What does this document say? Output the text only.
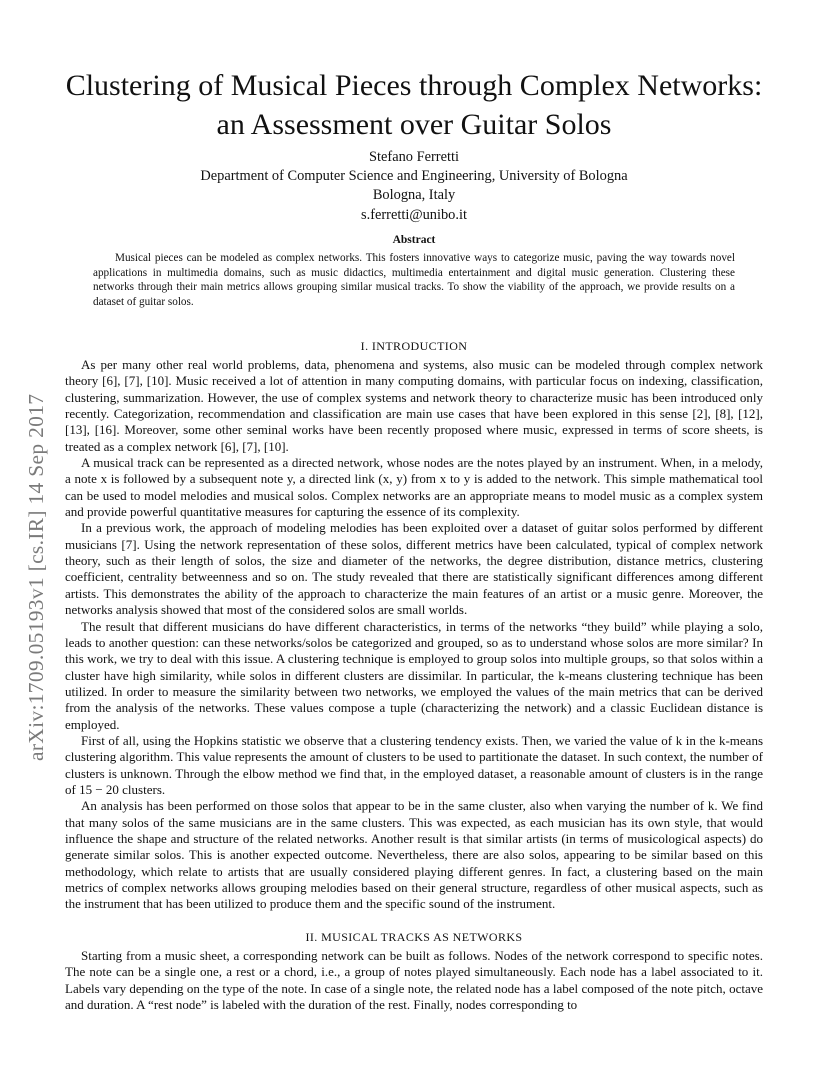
arXiv:1709.05193v1 [cs.IR] 14 Sep 2017
Clustering of Musical Pieces through Complex Networks: an Assessment over Guitar Solos
Stefano Ferretti
Department of Computer Science and Engineering, University of Bologna
Bologna, Italy
s.ferretti@unibo.it
Abstract
Musical pieces can be modeled as complex networks. This fosters innovative ways to categorize music, paving the way towards novel applications in multimedia domains, such as music didactics, multimedia entertainment and digital music generation. Clustering these networks through their main metrics allows grouping similar musical tracks. To show the viability of the approach, we provide results on a dataset of guitar solos.
I. INTRODUCTION

As per many other real world problems, data, phenomena and systems, also music can be modeled through complex network theory [6], [7], [10]. Music received a lot of attention in many computing domains, with particular focus on indexing, classification, clustering, summarization. However, the use of complex systems and network theory to characterize music has been introduced only recently. Categorization, recommendation and classification are main use cases that have been explored in this sense [2], [8], [12], [13], [16]. Moreover, some other seminal works have been recently proposed where music, expressed in terms of score sheets, is treated as a complex network [6], [7], [10].

A musical track can be represented as a directed network, whose nodes are the notes played by an instrument. When, in a melody, a note x is followed by a subsequent note y, a directed link (x, y) from x to y is added to the network. This simple mathematical tool can be used to model melodies and musical solos. Complex networks are an appropriate means to model music as a complex system and provide powerful quantitative measures for capturing the essence of its complexity.

In a previous work, the approach of modeling melodies has been exploited over a dataset of guitar solos performed by different musicians [7]. Using the network representation of these solos, different metrics have been calculated, typical of complex network theory, such as their length of solos, the size and diameter of the networks, the degree distribution, distance metrics, clustering coefficient, centrality betweenness and so on. The study revealed that there are statistically significant differences among different artists. This demonstrates the ability of the approach to characterize the main features of an artist or a music genre. Moreover, the networks analysis showed that most of the considered solos are small worlds.

The result that different musicians do have different characteristics, in terms of the networks “they build” while playing a solo, leads to another question: can these networks/solos be categorized and grouped, so as to understand whose solos are more similar? In this work, we try to deal with this issue. A clustering technique is employed to group solos into multiple groups, so that solos within a cluster have high similarity, while solos in different clusters are dissimilar. In particular, the k-means clustering technique has been utilized. In order to measure the similarity between two networks, we employed the values of the main metrics that can be derived from the analysis of the networks. These values compose a tuple (characterizing the network) and a classic Euclidean distance is employed.

First of all, using the Hopkins statistic we observe that a clustering tendency exists. Then, we varied the value of k in the k-means clustering algorithm. This value represents the amount of clusters to be used to partitionate the dataset. In such context, the number of clusters is unknown. Through the elbow method we find that, in the employed dataset, a reasonable amount of clusters is in the range of 15 − 20 clusters.

An analysis has been performed on those solos that appear to be in the same cluster, also when varying the number of k. We find that many solos of the same musicians are in the same clusters. This was expected, as each musician has its own style, that would influence the shape and structure of the related networks. Another result is that similar artists (in terms of musicological aspects) do generate similar solos. This is another expected outcome. Nevertheless, there are also solos, appearing to be similar based on this methodology, which relate to artists that are usually considered playing different genres. In fact, a clustering based on the main metrics of complex networks allows grouping melodies based on their general structure, regardless of other musical aspects, such as the instrument that has been utilized to produce them and the specific sound of the instrument.

II. MUSICAL TRACKS AS NETWORKS

Starting from a music sheet, a corresponding network can be built as follows. Nodes of the network correspond to specific notes. The note can be a single one, a rest or a chord, i.e., a group of notes played simultaneously. Each node has a label associated to it. Labels vary depending on the type of the note. In case of a single note, the related node has a label composed of the note pitch, octave and duration. A “rest node” is labeled with the duration of the rest. Finally, nodes corresponding to
